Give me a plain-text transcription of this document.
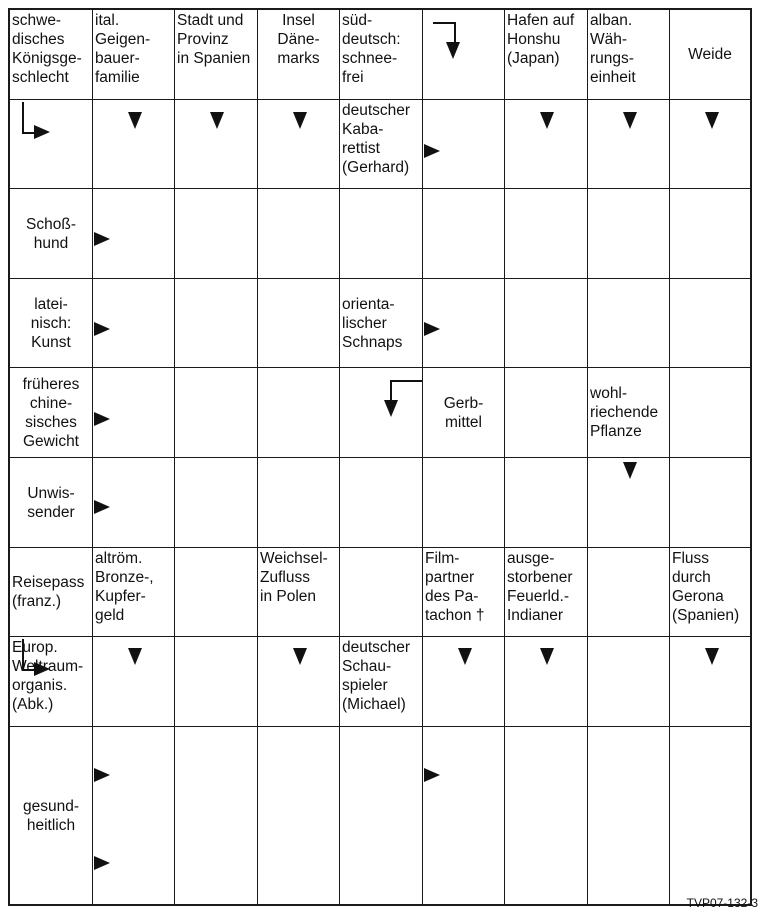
schwe-
disches
Königsge-
schlecht
ital.
Geigen-
bauer-
familie
Stadt und
Provinz
in Spanien
Insel
Däne-
marks
süd-
deutsch:
schnee-
frei
Hafen auf
Honshu
(Japan)
alban.
Wäh-
rungs-
einheit
Weide
deutscher
Kaba-
rettist
(Gerhard)
Schoß-
hund
latei-
nisch:
Kunst
orienta-
lischer
Schnaps
früheres
chine-
sisches
Gewicht
Gerb-
mittel
wohl-
riechende
Pflanze
Unwis-
sender
Reisepass
(franz.)
altröm.
Bronze-,
Kupfer-
geld
Weichsel-
Zufluss
in Polen
Film-
partner
des Pa-
tachon †
ausge-
storbener
Feuerld.-
Indianer
Fluss
durch
Gerona
(Spanien)
Europ.
Weltraum-
organis.
(Abk.)
deutscher
Schau-
spieler
(Michael)
gesund-
heitlich
TVP07-132-3
